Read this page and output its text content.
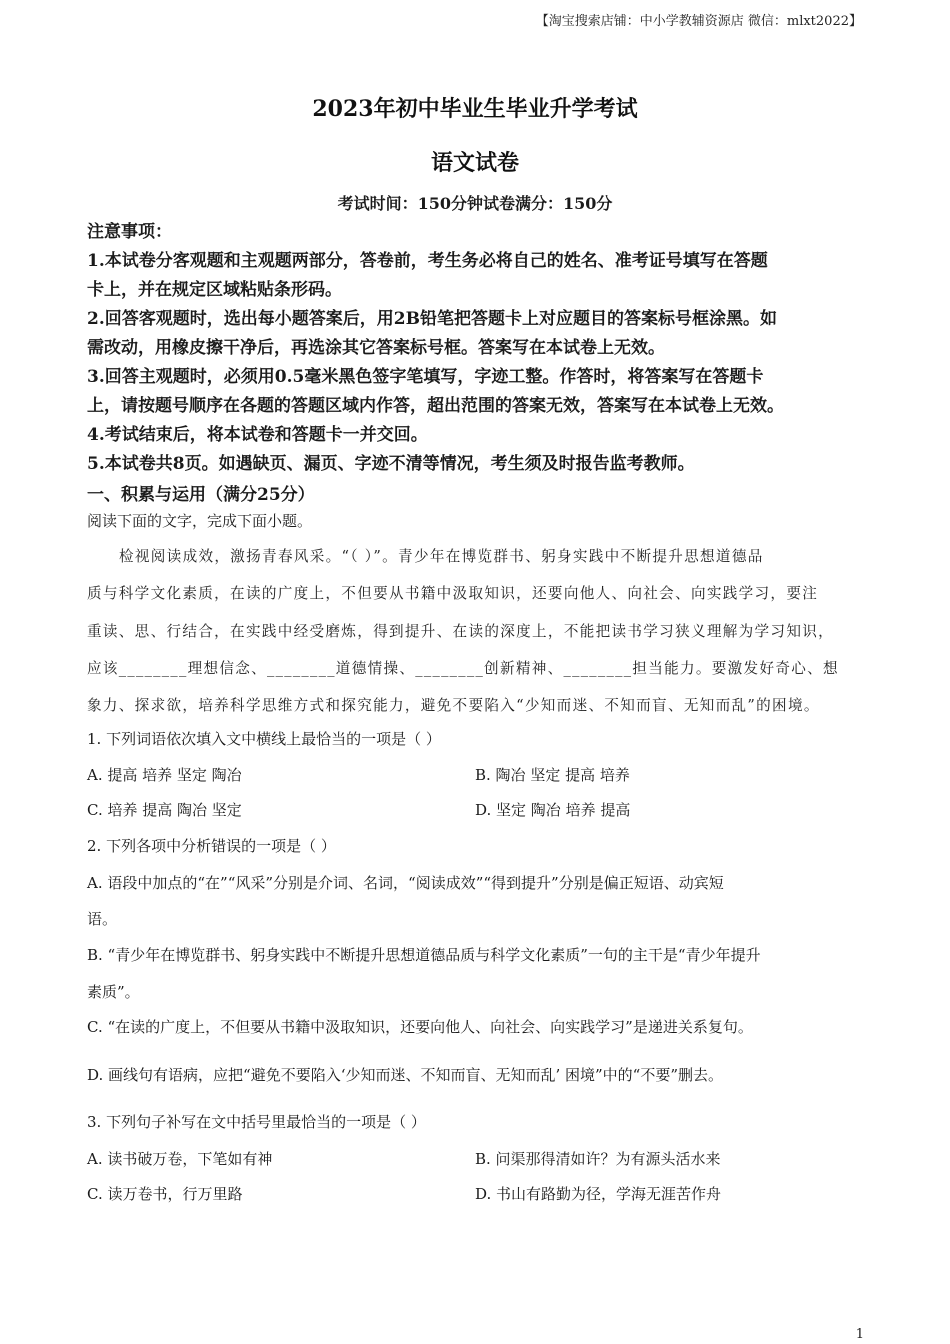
【淘宝搜索店铺：中小学教辅资源店 微信：mlxt2022】
2023年初中毕业生毕业升学考试
语文试卷
考试时间：150分钟试卷满分：150分
注意事项：
1.本试卷分客观题和主观题两部分，答卷前，考生务必将自己的姓名、准考证号填写在答题
卡上，并在规定区域粘贴条形码。
2.回答客观题时，选出每小题答案后，用2B铅笔把答题卡上对应题目的答案标号框涂黑。如
需改动，用橡皮擦干净后，再选涂其它答案标号框。答案写在本试卷上无效。
3.回答主观题时，必须用0.5毫米黑色签字笔填写，字迹工整。作答时，将答案写在答题卡
上，请按题号顺序在各题的答题区域内作答，超出范围的答案无效，答案写在本试卷上无效。
4.考试结束后，将本试卷和答题卡一并交回。
5.本试卷共8页。如遇缺页、漏页、字迹不清等情况，考生须及时报告监考教师。
一、积累与运用（满分25分）
阅读下面的文字，完成下面小题。
检视阅读成效，激扬青春风采。“（ ）”。青少年在博览群书、躬身实践中不断提升思想道德品
质与科学文化素质，在读的广度上，不但要从书籍中汲取知识，还要向他人、向社会、向实践学习，要注
重读、思、行结合，在实践中经受磨炼，得到提升、在读的深度上，不能把读书学习狭义理解为学习知识，
应该________理想信念、________道德情操、________创新精神、________担当能力。要激发好奇心、想
象力、探求欲，培养科学思维方式和探究能力，避免不要陷入“少知而迷、不知而盲、无知而乱”的困境。
1. 下列词语依次填入文中横线上最恰当的一项是（ ）
A. 提高 培养 坚定 陶冶	B. 陶冶 坚定 提高 培养
C. 培养 提高 陶冶 坚定	D. 坚定 陶冶 培养 提高
2. 下列各项中分析错误的一项是（ ）
A. 语段中加点的“在”“风采”分别是介词、名词，“阅读成效”“得到提升”分别是偏正短语、动宾短
语。
B. “青少年在博览群书、躬身实践中不断提升思想道德品质与科学文化素质”一句的主干是“青少年提升
素质”。
C. “在读的广度上，不但要从书籍中汲取知识，还要向他人、向社会、向实践学习”是递进关系复句。
D. 画线句有语病，应把“避免不要陷入‘少知而迷、不知而盲、无知而乱’ 困境”中的“不要”删去。
3. 下列句子补写在文中括号里最恰当的一项是（ ）
A. 读书破万卷，下笔如有神	B. 问渠那得清如许？为有源头活水来
C. 读万卷书，行万里路	D. 书山有路勤为径，学海无涯苦作舟
1
